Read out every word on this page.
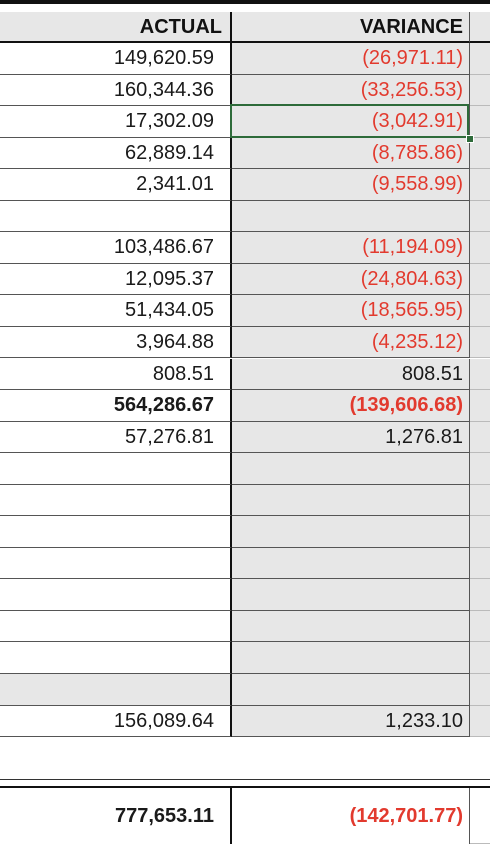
ACTUAL	VARIANCE
149,620.59	(26,971.11)
160,344.36	(33,256.53)
17,302.09	(3,042.91)
62,889.14	(8,785.86)
2,341.01	(9,558.99)
103,486.67	(11,194.09)
12,095.37	(24,804.63)
51,434.05	(18,565.95)
3,964.88	(4,235.12)
808.51	808.51
564,286.67	(139,606.68)
57,276.81	1,276.81
156,089.64	1,233.10
777,653.11	(142,701.77)
